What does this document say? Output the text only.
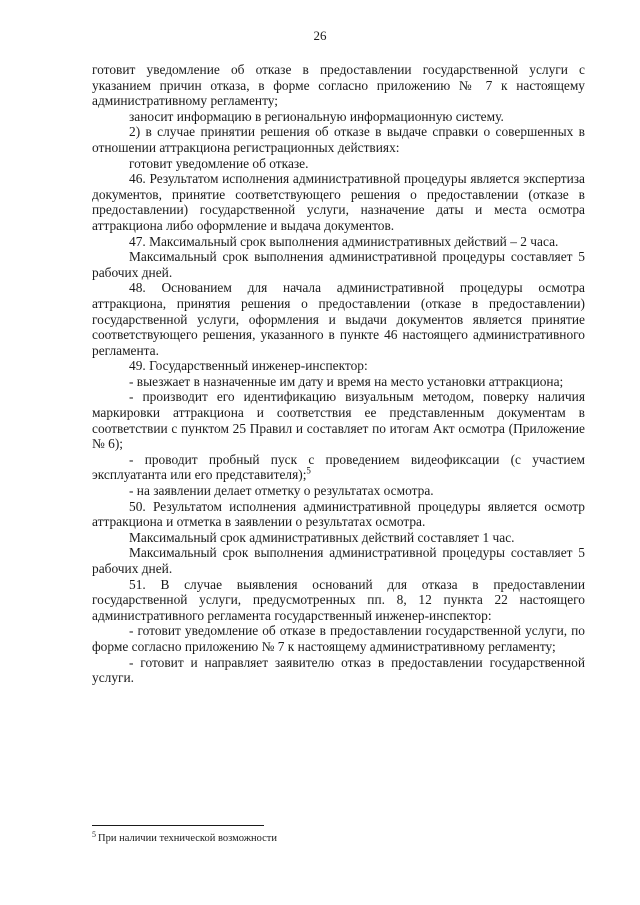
26

готовит уведомление об отказе в предоставлении государственной услуги с указанием причин отказа, в форме согласно приложению № 7 к настоящему административному регламенту;

заносит информацию в региональную информационную систему.

2) в случае принятии решения об отказе в выдаче справки о совершенных в отношении аттракциона регистрационных действиях:

готовит уведомление об отказе.

46. Результатом исполнения административной процедуры является экспертиза документов, принятие соответствующего решения о предоставлении (отказе в предоставлении) государственной услуги, назначение даты и места осмотра аттракциона либо оформление и выдача документов.

47. Максимальный срок выполнения административных действий – 2 часа.

Максимальный срок выполнения административной процедуры составляет 5 рабочих дней.

48. Основанием для начала административной процедуры осмотра аттракциона, принятия решения о предоставлении (отказе в предоставлении) государственной услуги, оформления и выдачи документов является принятие соответствующего решения, указанного в пункте 46 настоящего административного регламента.

49. Государственный инженер-инспектор:

- выезжает в назначенные им дату и время на место установки аттракциона;

- производит его идентификацию визуальным методом, поверку наличия маркировки аттракциона и соответствия ее представленным документам в соответствии с пунктом 25 Правил и составляет по итогам Акт осмотра (Приложение № 6);

- проводит пробный пуск с проведением видеофиксации (с участием эксплуатанта или его представителя);$^5$

- на заявлении делает отметку о результатах осмотра.

50. Результатом исполнения административной процедуры является осмотр аттракциона и отметка в заявлении о результатах осмотра.

Максимальный срок административных действий составляет 1 час.

Максимальный срок выполнения административной процедуры составляет 5 рабочих дней.

51. В случае выявления оснований для отказа в предоставлении государственной услуги, предусмотренных пп. 8, 12 пункта 22 настоящего административного регламента государственный инженер-инспектор:

- готовит уведомление об отказе в предоставлении государственной услуги, по форме согласно приложению № 7 к настоящему административному регламенту;

- готовит и направляет заявителю отказ в предоставлении государственной услуги.

$^5$ При наличии технической возможности
